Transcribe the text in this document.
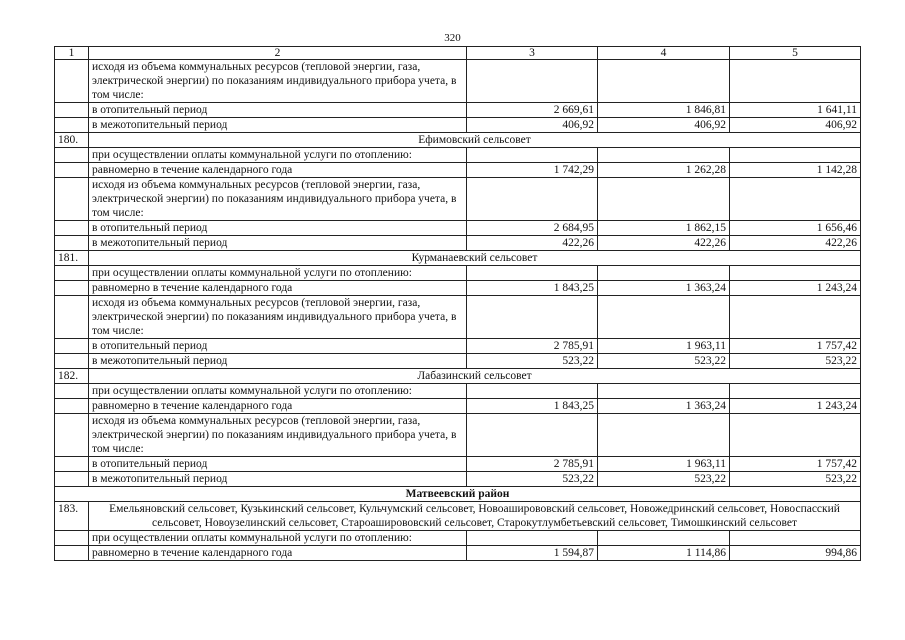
320
1	2	3	4	5
	исходя из объема коммунальных ресурсов (тепловой энергии, газа, электрической энергии) по показаниям индивидуального прибора учета, в том числе:			
	в отопительный период	2 669,61	1 846,81	1 641,11
	в межотопительный период	406,92	406,92	406,92
180.	Ефимовский сельсовет			
	при осуществлении оплаты коммунальной услуги по отоплению:			
	равномерно в течение календарного года	1 742,29	1 262,28	1 142,28
	исходя из объема коммунальных ресурсов (тепловой энергии, газа, электрической энергии) по показаниям индивидуального прибора учета, в том числе:			
	в отопительный период	2 684,95	1 862,15	1 656,46
	в межотопительный период	422,26	422,26	422,26
181.	Курманаевский сельсовет			
	при осуществлении оплаты коммунальной услуги по отоплению:			
	равномерно в течение календарного года	1 843,25	1 363,24	1 243,24
	исходя из объема коммунальных ресурсов (тепловой энергии, газа, электрической энергии) по показаниям индивидуального прибора учета, в том числе:			
	в отопительный период	2 785,91	1 963,11	1 757,42
	в межотопительный период	523,22	523,22	523,22
182.	Лабазинский сельсовет			
	при осуществлении оплаты коммунальной услуги по отоплению:			
	равномерно в течение календарного года	1 843,25	1 363,24	1 243,24
	исходя из объема коммунальных ресурсов (тепловой энергии, газа, электрической энергии) по показаниям индивидуального прибора учета, в том числе:			
	в отопительный период	2 785,91	1 963,11	1 757,42
	в межотопительный период	523,22	523,22	523,22
Матвеевский район				
183.	Емельяновский сельсовет, Кузькинский сельсовет, Кульчумский сельсовет, Новоаширововский сельсовет, Новожедринский сельсовет, Новоспасский сельсовет, Новоузелинский сельсовет, Староаширововский сельсовет, Старокутлумбетьевский сельсовет, Тимошкинский сельсовет			
	при осуществлении оплаты коммунальной услуги по отоплению:			
	равномерно в течение календарного года	1 594,87	1 114,86	994,86
